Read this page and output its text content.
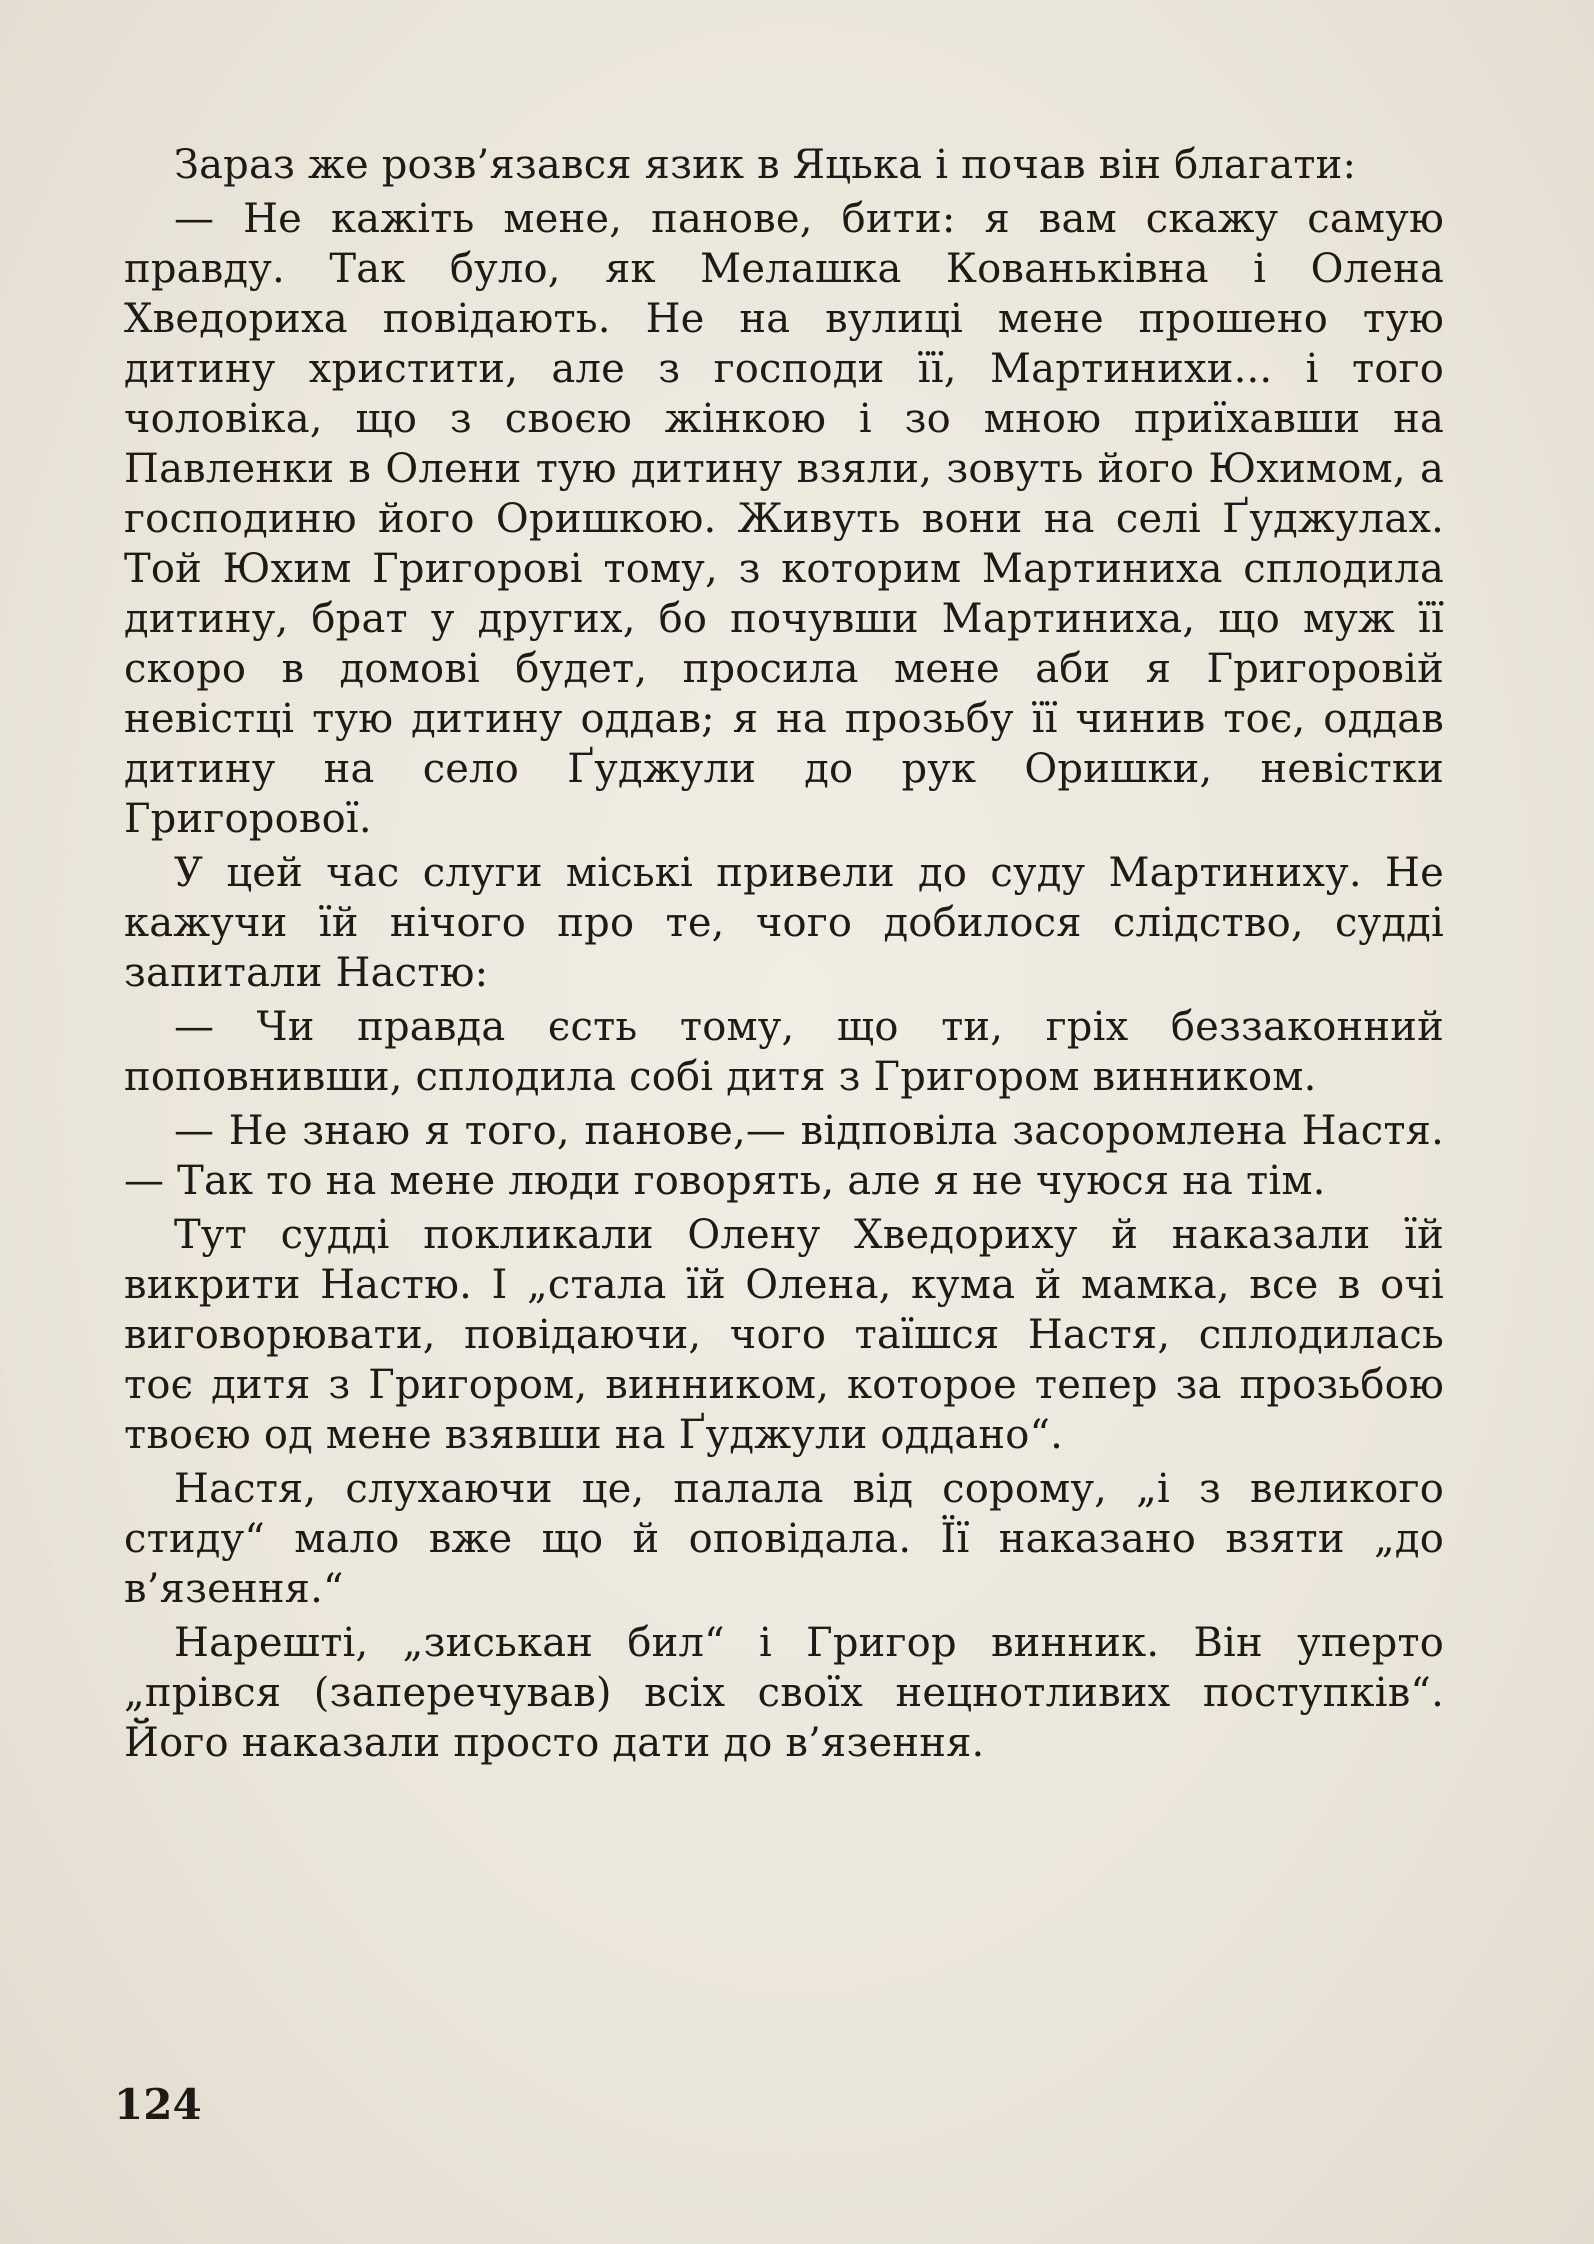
Зараз же розв’язався язик в Яцька і почав він благати:

— Не кажіть мене, панове, бити: я вам скажу самую правду. Так було, як Мелашка Кованьківна і Олена Хведориха повідають. Не на вулиці мене прошено тую дитину христити, але з господи її, Мартинихи... і того чоловіка, що з своєю жінкою і зо мною приїхавши на Павленки в Олени тую дитину взяли, зовуть його Юхимом, а господиню його Оришкою. Живуть вони на селі Ґуджулах. Той Юхим Григорові тому, з которим Мартиниха сплодила дитину, брат у других, бо почувши Мартиниха, що муж її скоро в домові будет, просила мене аби я Григоровій невістці тую дитину оддав; я на прозьбу її чинив тоє, оддав дитину на село Ґуджули до рук Оришки, невістки Григорової.

У цей час слуги міські привели до суду Мартиниху. Не кажучи їй нічого про те, чого добилося слідство, судді запитали Настю:

— Чи правда єсть тому, що ти, гріх беззаконний поповнивши, сплодила собі дитя з Григором винником.

— Не знаю я того, панове,— відповіла засоромлена Настя.— Так то на мене люди говорять, але я не чуюся на тім.

Тут судді покликали Олену Хведориху й наказали їй викрити Настю. І „стала їй Олена, кума й мамка, все в очі виговорювати, повідаючи, чого таїшся Настя, сплодилась тоє дитя з Григором, винником, которое тепер за прозьбою твоєю од мене взявши на Ґуджули оддано“.

Настя, слухаючи це, палала від сорому, „і з великого стиду“ мало вже що й оповідала. Її наказано взяти „до в’язення.“

Нарешті, „зиськан бил“ і Григор винник. Він уперто „прівся (заперечував) всіх своїх нецнотливих поступків“. Його наказали просто дати до в’язення.

124
